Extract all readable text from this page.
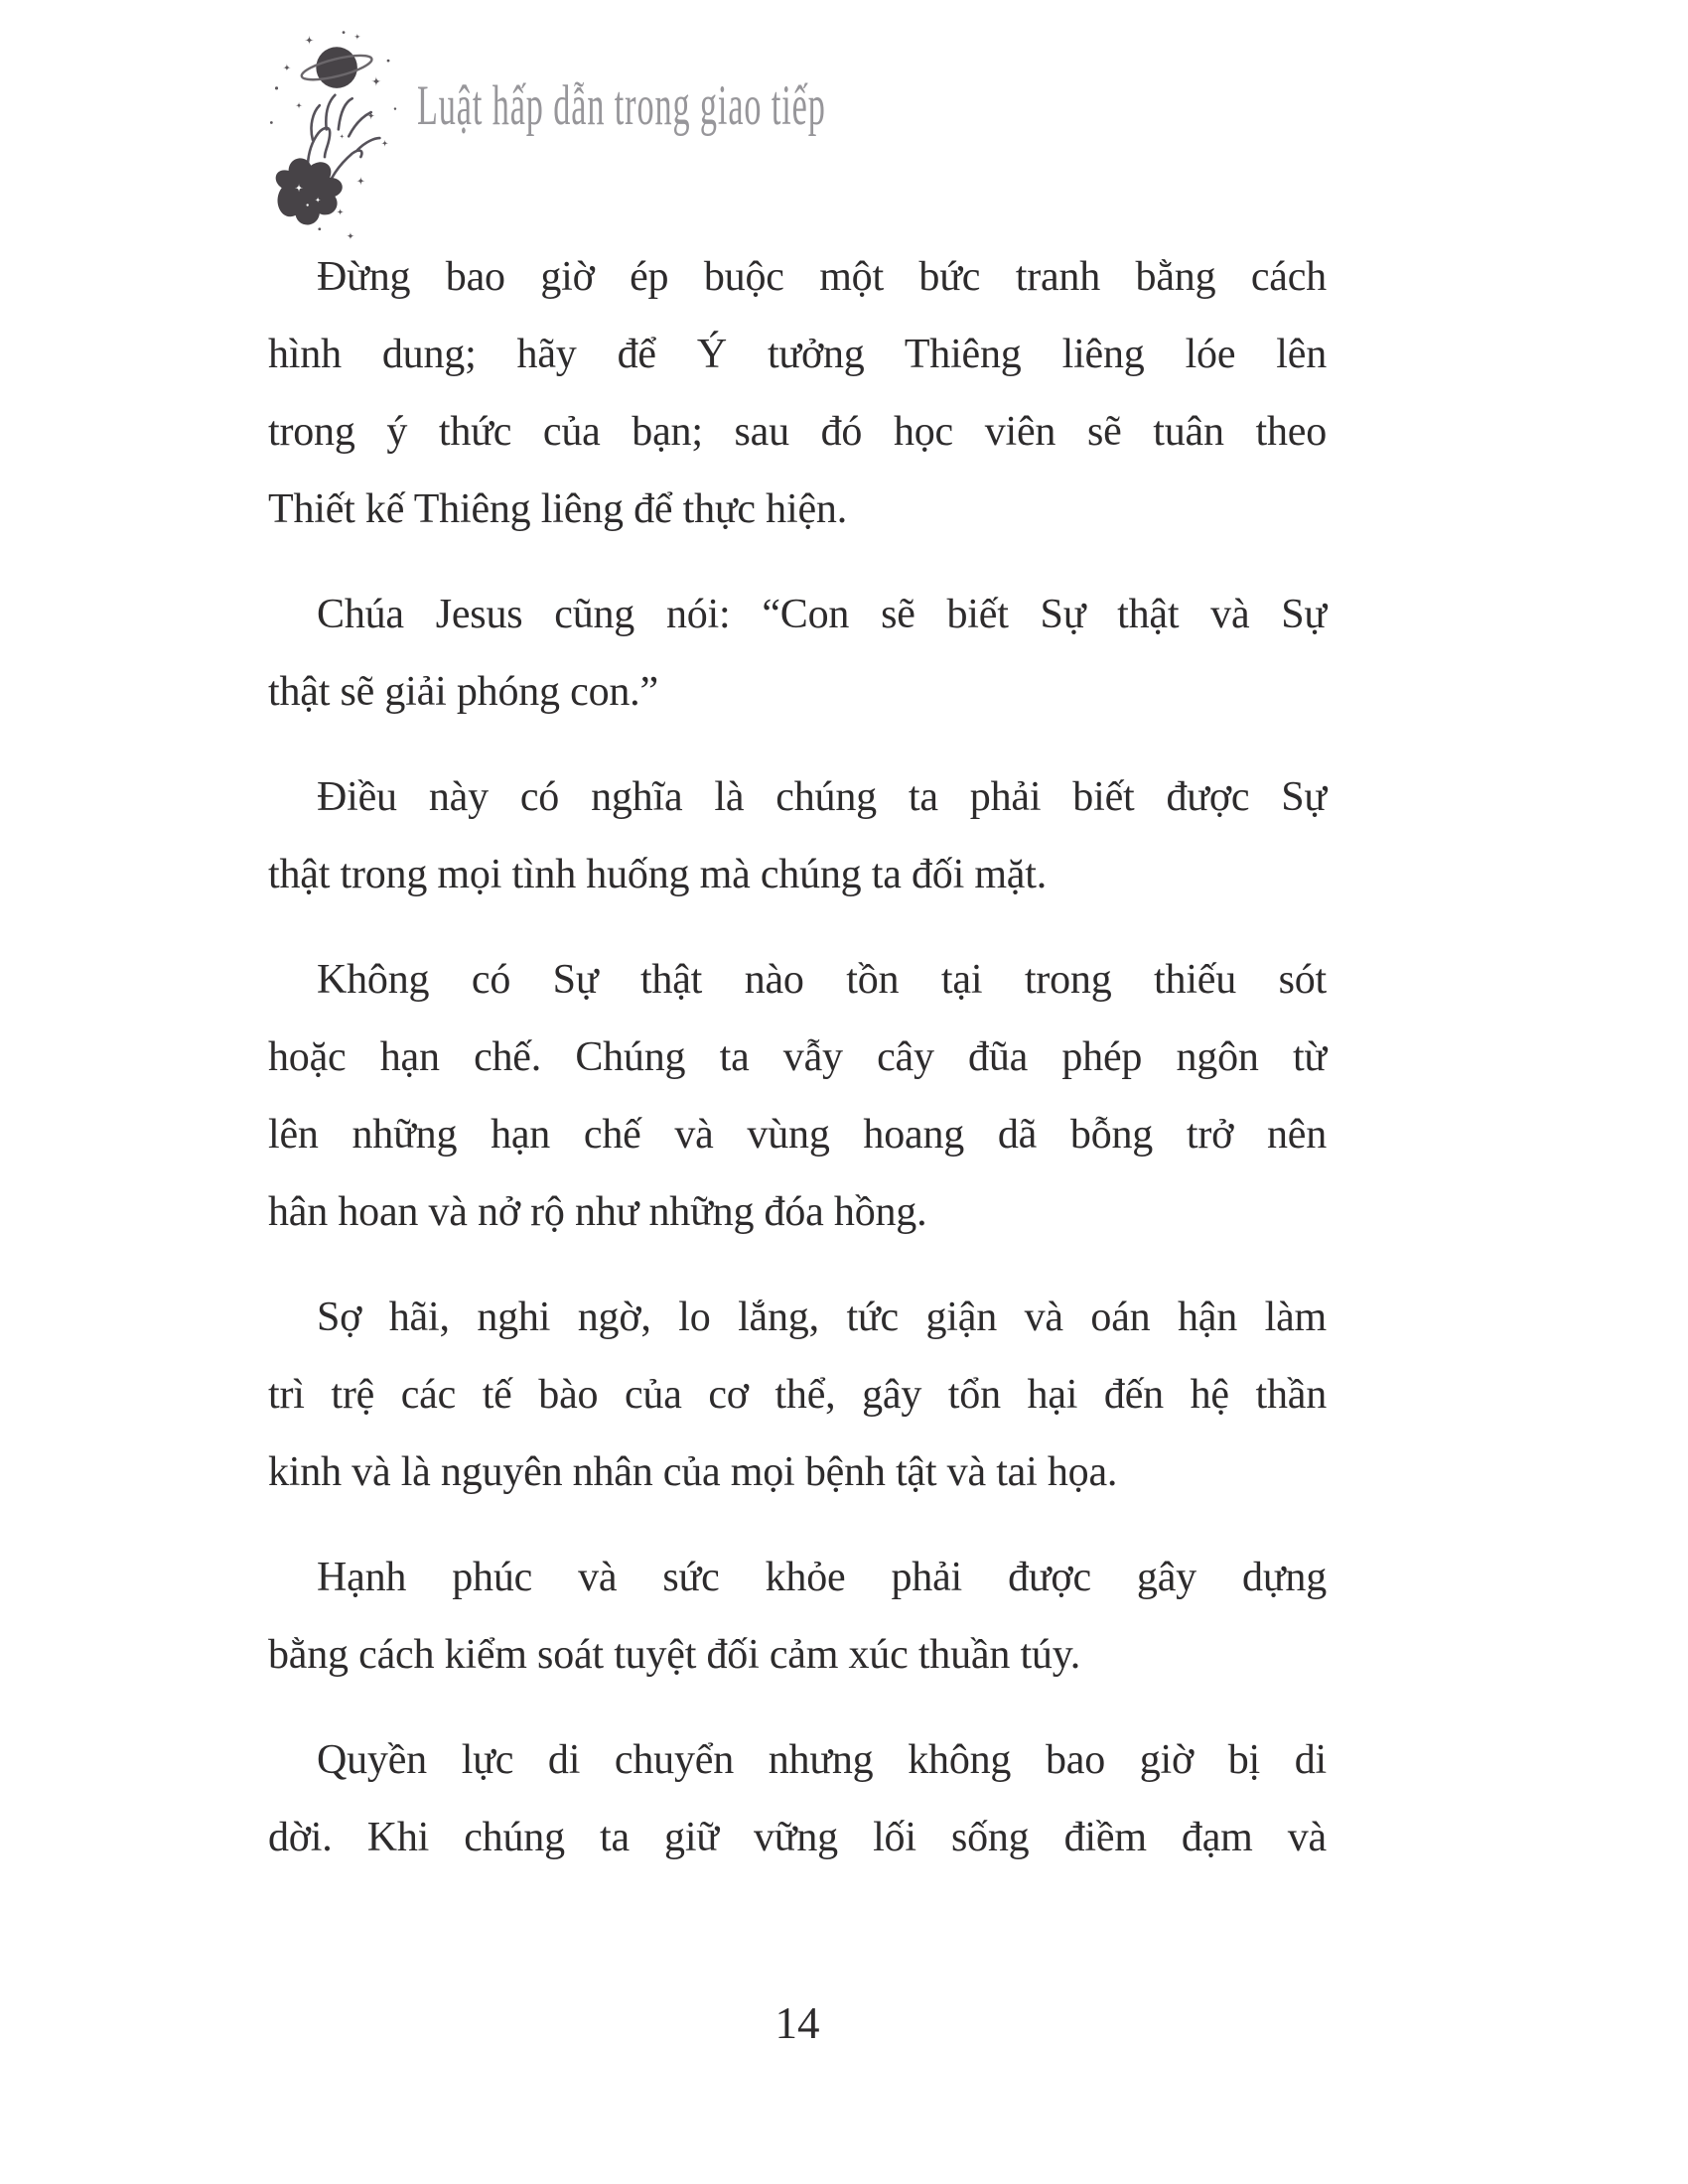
Luật hấp dẫn trong giao tiếp
Đừng bao giờ ép buộc một bức tranh bằng cách
hình dung; hãy để Ý tưởng Thiêng liêng lóe lên
trong ý thức của bạn; sau đó học viên sẽ tuân theo
Thiết kế Thiêng liêng để thực hiện.
Chúa Jesus cũng nói: “Con sẽ biết Sự thật và Sự
thật sẽ giải phóng con.”
Điều này có nghĩa là chúng ta phải biết được Sự
thật trong mọi tình huống mà chúng ta đối mặt.
Không có Sự thật nào tồn tại trong thiếu sót
hoặc hạn chế. Chúng ta vẫy cây đũa phép ngôn từ
lên những hạn chế và vùng hoang dã bỗng trở nên
hân hoan và nở rộ như những đóa hồng.
Sợ hãi, nghi ngờ, lo lắng, tức giận và oán hận làm
trì trệ các tế bào của cơ thể, gây tổn hại đến hệ thần
kinh và là nguyên nhân của mọi bệnh tật và tai họa.
Hạnh phúc và sức khỏe phải được gây dựng
bằng cách kiểm soát tuyệt đối cảm xúc thuần túy.
Quyền lực di chuyển nhưng không bao giờ bị di
dời. Khi chúng ta giữ vững lối sống điềm đạm và
14
